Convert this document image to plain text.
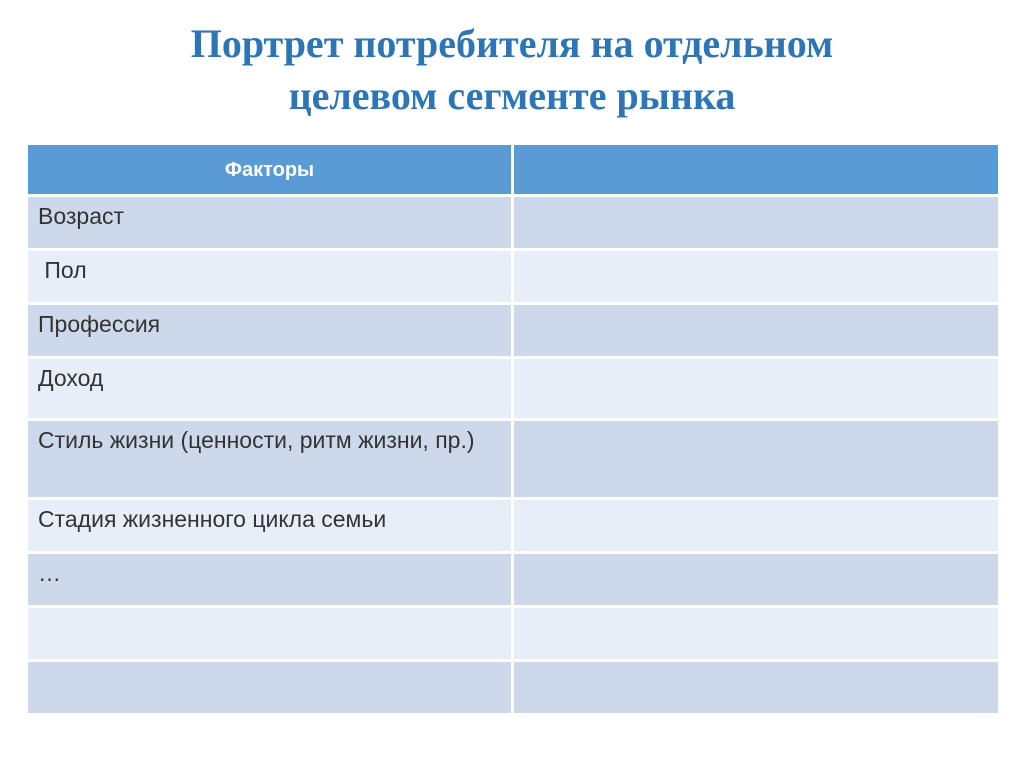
Портрет потребителя на отдельном
целевом сегменте рынка
Факторы	
Возраст	
Пол	
Профессия	
Доход	
Стиль жизни (ценности, ритм жизни, пр.)	
Стадия жизненного цикла семьи	
…	
